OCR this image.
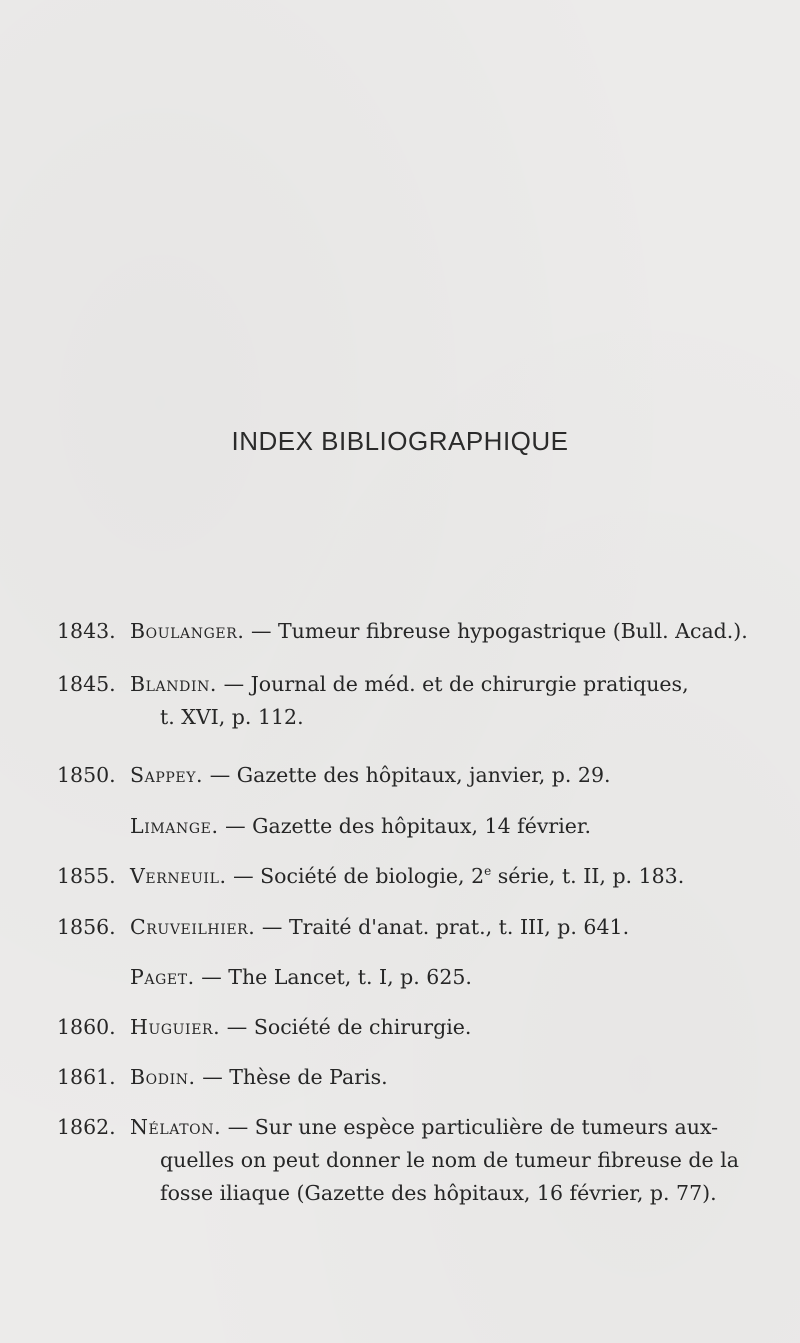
INDEX BIBLIOGRAPHIQUE
1843. Boulanger. — Tumeur fibreuse hypogastrique (Bull. Acad.).
1845. Blandin. — Journal de méd. et de chirurgie pratiques,
t. XVI, p. 112.
1850. Sappey. — Gazette des hôpitaux, janvier, p. 29.
Limange. — Gazette des hôpitaux, 14 février.
1855. Verneuil. — Société de biologie, 2e série, t. II, p. 183.
1856. Cruveilhier. — Traité d'anat. prat., t. III, p. 641.
Paget. — The Lancet, t. I, p. 625.
1860. Huguier. — Société de chirurgie.
1861. Bodin. — Thèse de Paris.
1862. Nélaton. — Sur une espèce particulière de tumeurs aux-
quelles on peut donner le nom de tumeur fibreuse de la
fosse iliaque (Gazette des hôpitaux, 16 février, p. 77).
